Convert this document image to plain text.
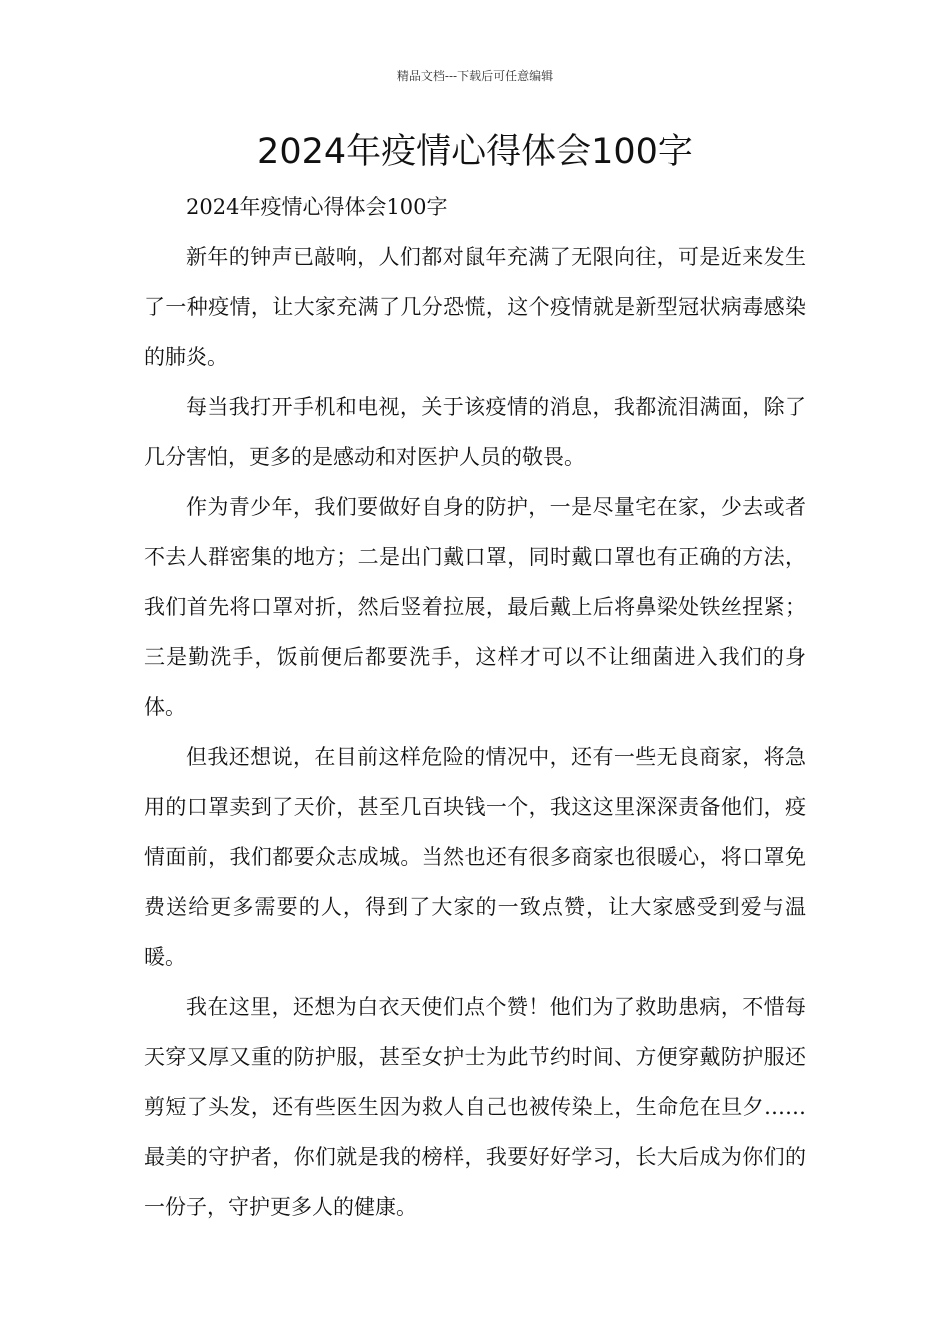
精品文档---下载后可任意编辑
2024年疫情心得体会100字

2024年疫情心得体会100字

新年的钟声已敲响，人们都对鼠年充满了无限向往，可是近来发生了一种疫情，让大家充满了几分恐慌，这个疫情就是新型冠状病毒感染的肺炎。

每当我打开手机和电视，关于该疫情的消息，我都流泪满面，除了几分害怕，更多的是感动和对医护人员的敬畏。

作为青少年，我们要做好自身的防护，一是尽量宅在家，少去或者不去人群密集的地方；二是出门戴口罩，同时戴口罩也有正确的方法，我们首先将口罩对折，然后竖着拉展，最后戴上后将鼻梁处铁丝捏紧；三是勤洗手，饭前便后都要洗手，这样才可以不让细菌进入我们的身体。

但我还想说，在目前这样危险的情况中，还有一些无良商家，将急用的口罩卖到了天价，甚至几百块钱一个，我这这里深深责备他们，疫情面前，我们都要众志成城。当然也还有很多商家也很暖心，将口罩免费送给更多需要的人，得到了大家的一致点赞，让大家感受到爱与温暖。

我在这里，还想为白衣天使们点个赞！他们为了救助患病，不惜每天穿又厚又重的防护服，甚至女护士为此节约时间、方便穿戴防护服还剪短了头发，还有些医生因为救人自己也被传染上，生命危在旦夕……最美的守护者，你们就是我的榜样，我要好好学习，长大后成为你们的一份子，守护更多人的健康。
